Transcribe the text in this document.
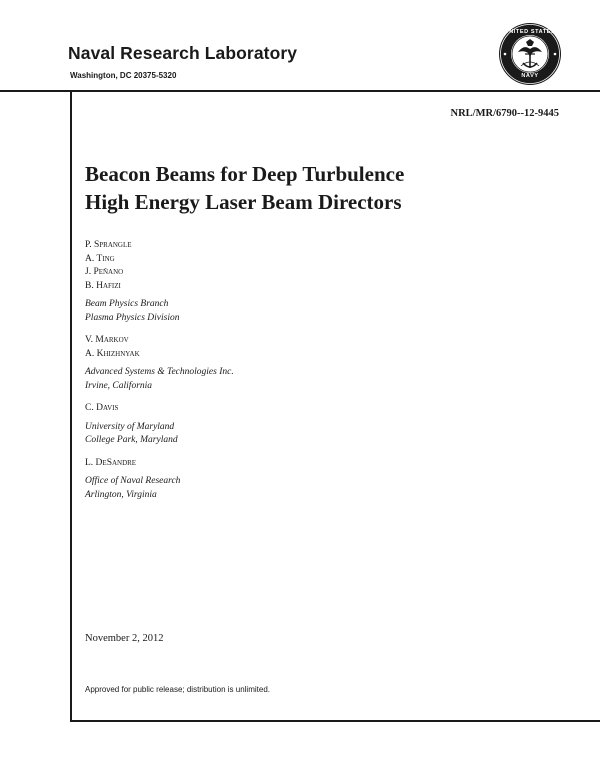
Naval Research Laboratory
Washington, DC 20375-5320
UNITED STATES
NAVY
NRL/MR/6790--12-9445
Beacon Beams for Deep Turbulence
High Energy Laser Beam Directors
P. Sprangle
A. Ting
J. Peñano
B. Hafizi
Beam Physics Branch
Plasma Physics Division
V. Markov
A. Khizhnyak
Advanced Systems & Technologies Inc.
Irvine, California
C. Davis
University of Maryland
College Park, Maryland
L. DeSandre
Office of Naval Research
Arlington, Virginia
November 2, 2012
Approved for public release; distribution is unlimited.
